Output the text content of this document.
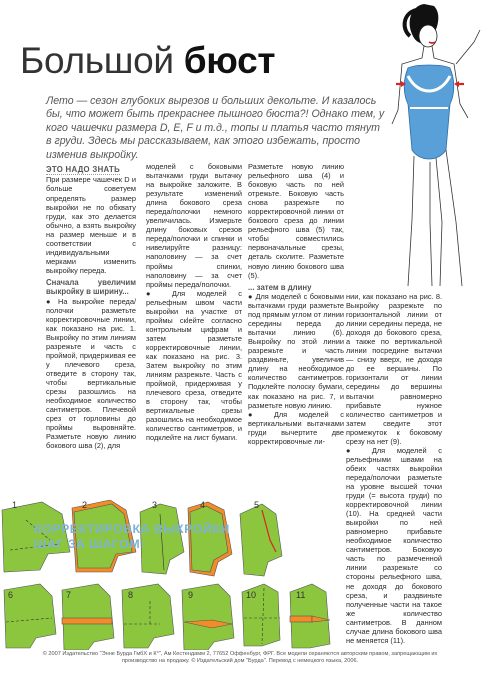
Большой бюст
Лето — сезон глубоких вырезов и больших декольте. И казалось бы, что может быть прекраснее пышного бюста?! Однако тем, у кого чашечки размера D, E, F и т.д., топы и платья часто тянут в груди. Здесь мы рассказываем, как этого избежать, просто изменив выкройку.

ЭТО НАДО ЗНАТЬ

При размере чашечек D и больше советуем определять размер выкройки не по обхвату груди, как это делается обычно, а взять выкройку на размер меньше и в соответствии с индивидуальными мерками изменить выкройку переда.

Сначала увеличим выкройку в ширину...

● На выкройке переда/полочки разметьте корректировочные линии, как показано на рис. 1. Выкройку по этим линиям разрежьте и часть с проймой, придерживая ее у плечевого среза, отведите в сторону так, чтобы вертикальные срезы разошлись на необходимое количество сантиметров. Плечевой срез от горловины до проймы выровняйте. Разметьте новую линию бокового шва (2), для

моделей с боковыми вытачками груди вытачку на выкройке заложите. В результате изменений длина бокового среза переда/полочки немного увеличилась. Измерьте длину боковых срезов переда/полочки и спинки и нивелируйте разницу: наполовину — за счет проймы спинки, наполовину — за счет проймы переда/полочки.

● Для моделей с рельефным швом части выкройки на участке от проймы скleйте согласно контрольным цифрам и затем разметьте корректировочные линии, как показано на рис. 3. Затем выкройку по этим линиям разрежьте. Часть с проймой, придерживая у плечевого среза, отведите в сторону так, чтобы вертикальные срезы разошлись на необходимое количество сантиметров, и подклейте на лист бумаги.

Разметьте новую линию рельефного шва (4) и боковую часть по ней отрежьте. Боковую часть снова разрежьте по корректировочной линии от бокового среза до линии рельефного шва (5) так, чтобы совместились первоначальные срезы, деталь сколите. Разметьте новую линию бокового шва (5).

... затем в длину

● Для моделей с боковыми вытачками груди разметьте под прямым углом от линии середины переда до вытачки линию (6). Выкройку по этой линии разрежьте и часть раздвиньте, увеличив длину на необходимое количество сантиметров. Подклейте полоску бумаги, как показано на рис. 7, и разметьте новую линию.

● Для моделей с вертикальными вытачками груди вычертите две корректировочные ли-

нии, как показано на рис. 8. Выкройку разрежьте по горизонтальной линии от линии середины переда, не доходя до бокового среза, а также по вертикальной линии посредине вытачки — снизу вверх, не доходя до ее вершины. По горизонтали от линии середины до вершины вытачки равномерно прибавьте нужное количество сантиметров и затем сведите этот промежуток к боковому срезу на нет (9).

● Для моделей с рельефными швами на обеих частях выкройки переда/полочки разметьте на уровне высшей точки груди (= высота груди) по корректировочной линии (10). На средней части выкройки по ней равномерно прибавьте необходимое количество сантиметров. Боковую часть по размеченной линии разрежьте со стороны рельефного шва, не доходя до бокового среза, и раздвиньте полученные части на такое же количество сантиметров. В данном случае длина бокового шва не меняется (11).

1	2	3	4	5
6	7	8	9	10	11
КОРРЕКТИРОВКА ВЫКРОЙКИ
ШАГ ЗА ШАГОМ:
© 2007 Издательство "Энне Бурда ГмбХ и К°", Ам Кестендамм 2, 77652 Оффенбург, ФРГ. Все модели охраняются авторским правом, запрещающим их производство на продажу. © Издательский дом "Бурда". Перевод с немецкого языка, 2006.
